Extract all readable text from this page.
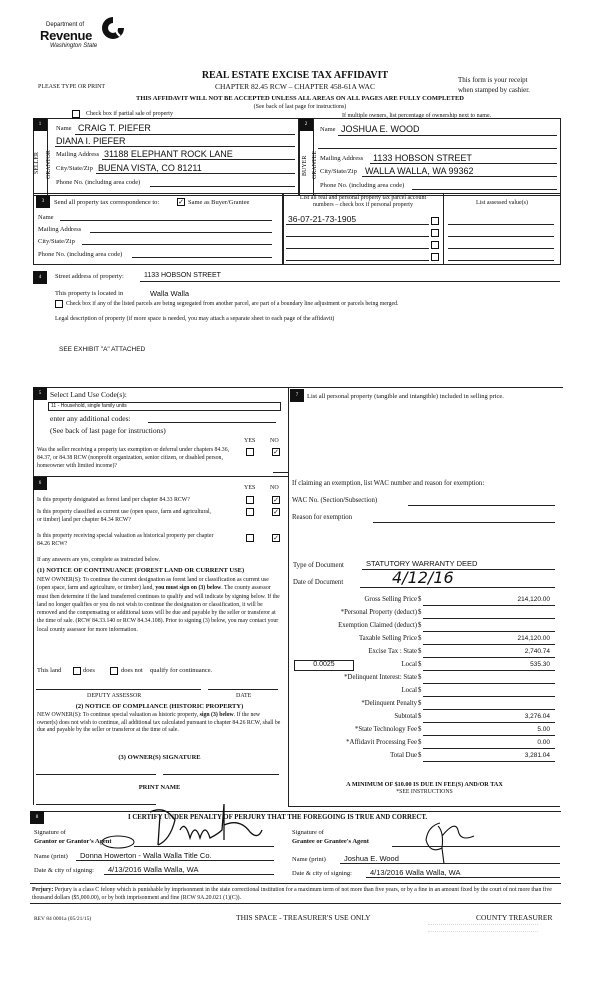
Department of
Revenue
Washington State
PLEASE TYPE OR PRINT
REAL ESTATE EXCISE TAX AFFIDAVIT
CHAPTER 82.45 RCW – CHAPTER 458-61A WAC
This form is your receipt
when stamped by cashier.
THIS AFFIDAVIT WILL NOT BE ACCEPTED UNLESS ALL AREAS ON ALL PAGES ARE FULLY COMPLETED
(See back of last page for instructions)
Check box if partial sale of property	If multiple owners, list percentage of ownership next to name.
1
SELLER GRANTOR
Name CRAIG T. PIEFER
DIANA I. PIEFER
Mailing Address 31188 ELEPHANT ROCK LANE
City/State/Zip BUENA VISTA, CO 81211
Phone No. (including area code)
2
BUYER GRANTEE
Name JOSHUA E. WOOD
Mailing Address 1133 HOBSON STREET
City/State/Zip WALLA WALLA, WA 99362
Phone No. (including area code)
3	Send all property tax correspondence to:	✓ Same as Buyer/Grantee
Name
Mailing Address
City/State/Zip
Phone No. (including area code)
List all real and personal property tax parcel account
numbers – check box if personal property	List assessed value(s)
36-07-21-73-1905
4	Street address of property:	1133 HOBSON STREET
This property is located in	Walla Walla
Check box if any of the listed parcels are being segregated from another parcel, are part of a boundary line adjustment or parcels being merged.
Legal description of property (if more space is needed, you may attach a separate sheet to each page of the affidavit)
SEE EXHIBIT "A" ATTACHED
5	Select Land Use Code(s):
11 - Household, single family units
enter any additional codes:
(See back of last page for instructions)
YES NO
Was the seller receiving a property tax exemption or deferral under chapters 84.36, 84.37, or 84.38 RCW (nonprofit organization, senior citizen, or disabled person, homeowner with limited income)?
✓
6
YES NO
Is this property designated as forest land per chapter 84.33 RCW?	✓
Is this property classified as current use (open space, farm and agricultural, or timber) land per chapter 84.34 RCW?
✓
Is this property receiving special valuation as historical property per chapter 84.26 RCW?
✓
If any answers are yes, complete as instructed below.
(1) NOTICE OF CONTINUANCE (FOREST LAND OR CURRENT USE)
NEW OWNER(S): To continue the current designation as forest land or classification as current use (open space, farm and agriculture, or timber) land, you must sign on (3) below. The county assessor must then determine if the land transferred continues to qualify and will indicate by signing below. If the land no longer qualifies or you do not wish to continue the designation or classification, it will be removed and the compensating or additional taxes will be due and payable by the seller or transferor at the time of sale. (RCW 84.33.140 or RCW 84.34.108). Prior to signing (3) below, you may contact your local county assessor for more information.
This land	does	does not qualify for continuance.
DEPUTY ASSESSOR	DATE
(2) NOTICE OF COMPLIANCE (HISTORIC PROPERTY)
NEW OWNER(S): To continue special valuation as historic property, sign (3) below. If the new owner(s) does not wish to continue, all additional tax calculated pursuant to chapter 84.26 RCW, shall be due and payable by the seller or transferor at the time of sale.
(3) OWNER(S) SIGNATURE
PRINT NAME
7	List all personal property (tangible and intangible) included in selling price.
If claiming an exemption, list WAC number and reason for exemption:
WAC No. (Section/Subsection)
Reason for exemption
Type of Document	STATUTORY WARRANTY DEED
Date of Document	4/12/16
Gross Selling Price $	214,120.00
*Personal Property (deduct) $
Exemption Claimed (deduct) $
Taxable Selling Price $	214,120.00
Excise Tax : State $	2,740.74
0.0025	Local $	535.30
*Delinquent Interest: State $
Local $
*Delinquent Penalty $
Subtotal $	3,276.04
*State Technology Fee $	5.00
*Affidavit Processing Fee $	0.00
Total Due $	3,281.04
A MINIMUM OF $10.00 IS DUE IN FEE(S) AND/OR TAX
*SEE INSTRUCTIONS
8	I CERTIFY UNDER PENALTY OF PERJURY THAT THE FOREGOING IS TRUE AND CORRECT.
Signature of
Grantor or Grantor's Agent
Name (print) Donna Howerton - Walla Walla Title Co.
Date & city of signing: 4/13/2016 Walla Walla, WA
Signature of
Grantee or Grantee's Agent
Name (print) Joshua E. Wood
Date & city of signing: 4/13/2016 Walla Walla, WA
Perjury: Perjury is a class C felony which is punishable by imprisonment in the state correctional institution for a maximum term of not more than five years, or by a fine in an amount fixed by the court of not more than five thousand dollars ($5,000.00), or by both imprisonment and fine (RCW 9A.20.021 (1)(C)).
REV 84 0001a (05/21/15)	THIS SPACE - TREASURER'S USE ONLY	COUNTY TREASURER
